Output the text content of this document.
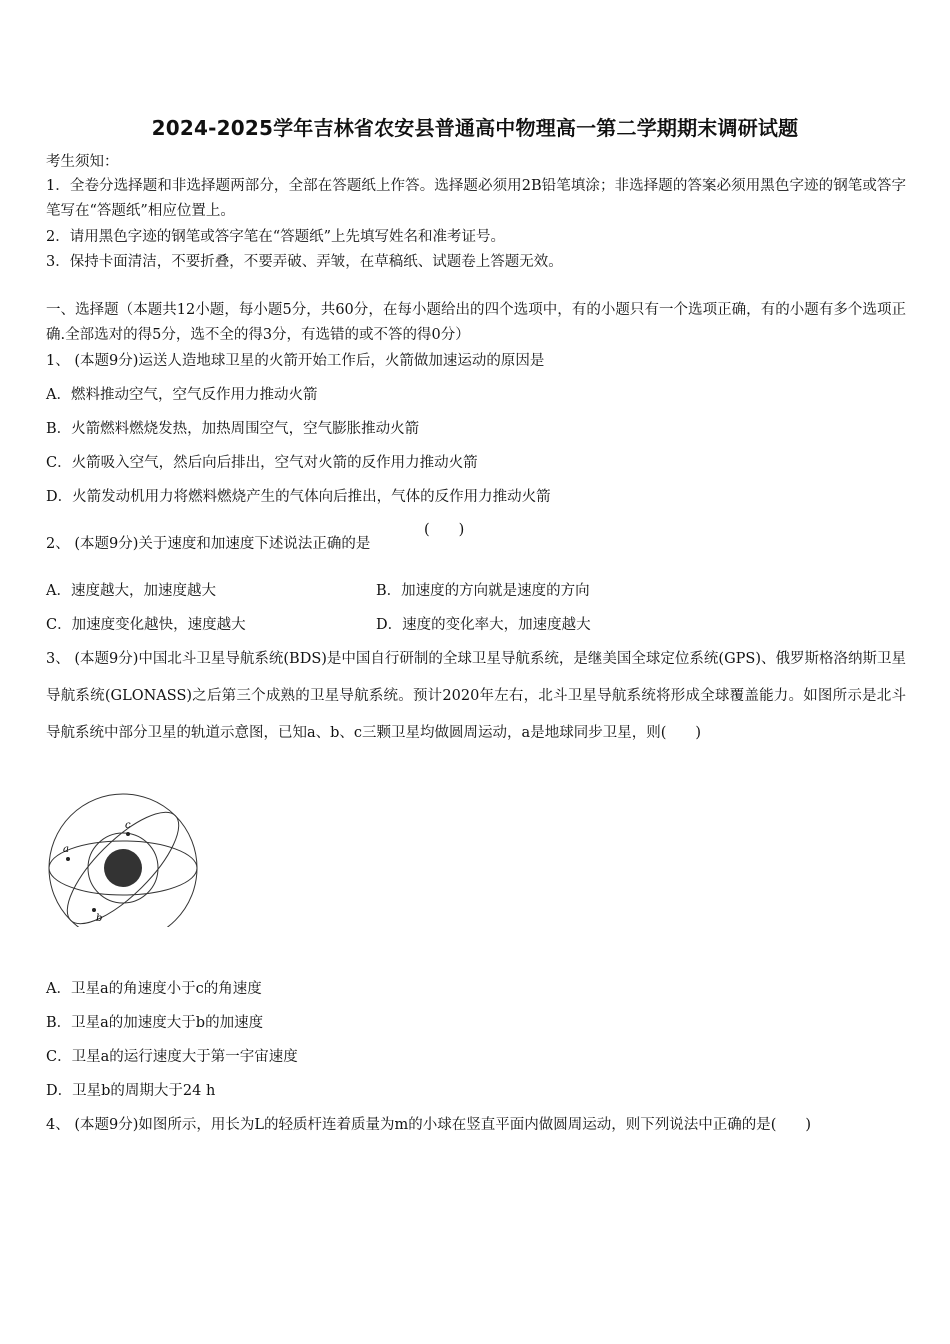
2024-2025学年吉林省农安县普通高中物理高一第二学期期末调研试题
考生须知：
1．全卷分选择题和非选择题两部分，全部在答题纸上作答。选择题必须用2B铅笔填涂；非选择题的答案必须用黑色字迹的钢笔或答字笔写在“答题纸”相应位置上。
2．请用黑色字迹的钢笔或答字笔在“答题纸”上先填写姓名和准考证号。
3．保持卡面清洁，不要折叠，不要弄破、弄皱，在草稿纸、试题卷上答题无效。
一、选择题（本题共12小题，每小题5分，共60分，在每小题给出的四个选项中，有的小题只有一个选项正确，有的小题有多个选项正确.全部选对的得5分，选不全的得3分，有选错的或不答的得0分）
1、 (本题9分)运送人造地球卫星的火箭开始工作后，火箭做加速运动的原因是
A．燃料推动空气，空气反作用力推动火箭
B．火箭燃料燃烧发热，加热周围空气，空气膨胀推动火箭
C．火箭吸入空气，然后向后排出，空气对火箭的反作用力推动火箭
D．火箭发动机用力将燃料燃烧产生的气体向后推出，气体的反作用力推动火箭
2、 (本题9分)关于速度和加速度下述说法正确的是
(　　)
A．速度越大，加速度越大	B．加速度的方向就是速度的方向
C．加速度变化越快，速度越大	D．速度的变化率大，加速度越大
3、 (本题9分)中国北斗卫星导航系统(BDS)是中国自行研制的全球卫星导航系统，是继美国全球定位系统(GPS)、俄罗斯格洛纳斯卫星导航系统(GLONASS)之后第三个成熟的卫星导航系统。预计2020年左右，北斗卫星导航系统将形成全球覆盖能力。如图所示是北斗导航系统中部分卫星的轨道示意图，已知a、b、c三颗卫星均做圆周运动，a是地球同步卫星，则(　　)
a
c
b
A．卫星a的角速度小于c的角速度
B．卫星a的加速度大于b的加速度
C．卫星a的运行速度大于第一宇宙速度
D．卫星b的周期大于24 h
4、 (本题9分)如图所示，用长为L的轻质杆连着质量为m的小球在竖直平面内做圆周运动，则下列说法中正确的是(　　)
